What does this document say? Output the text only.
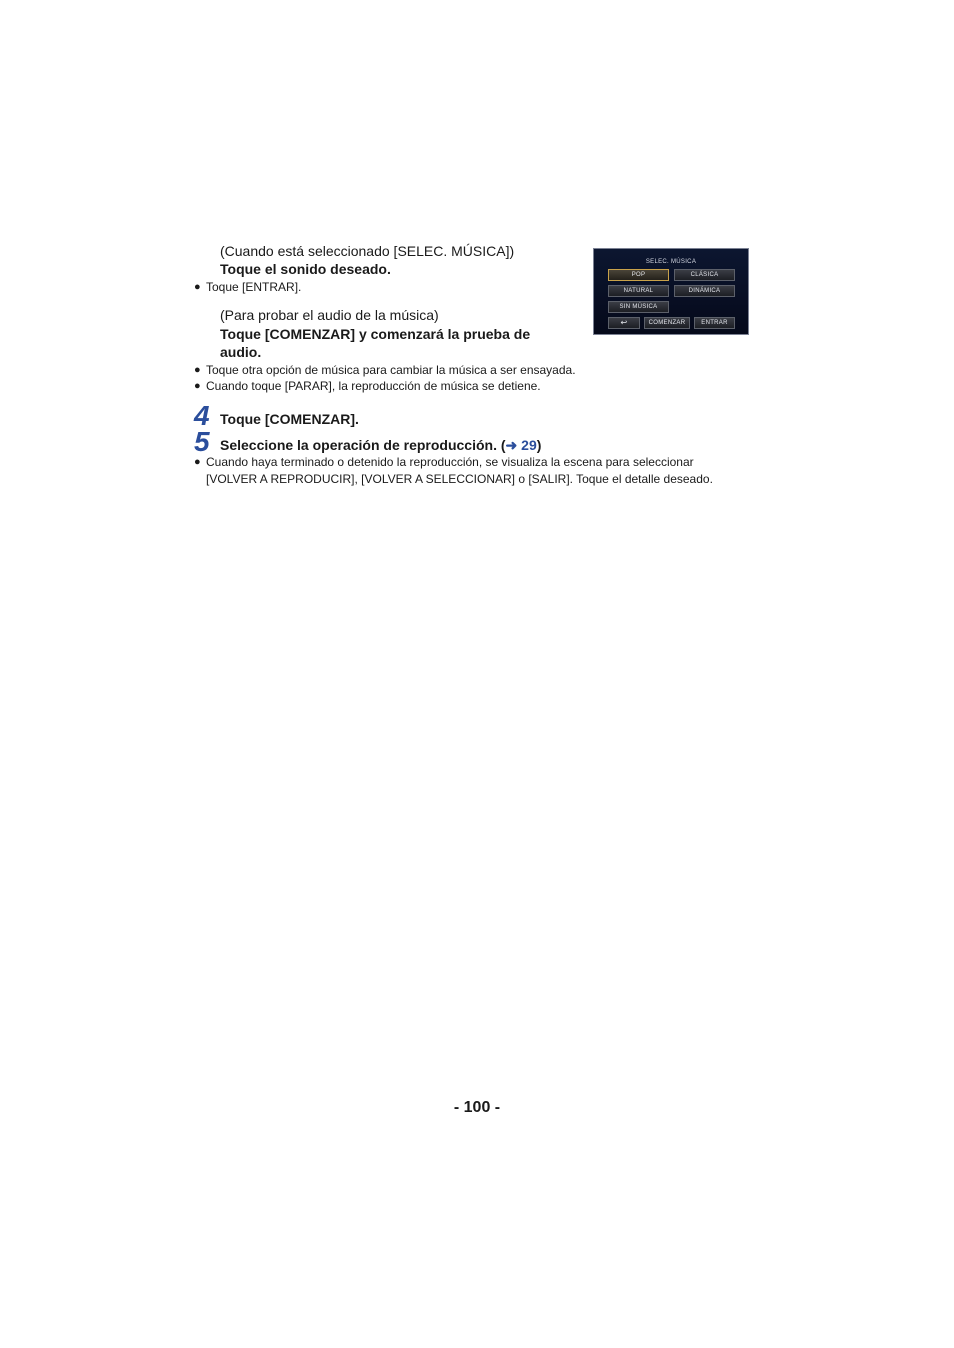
(Cuando está seleccionado [SELEC. MÚSICA])
Toque el sonido deseado.
● Toque [ENTRAR].
SELEC. MÚSICA
POP	CLÁSICA
NATURAL	DINÁMICA
SIN MÚSICA
↩	COMENZAR	ENTRAR
(Para probar el audio de la música)
Toque [COMENZAR] y comenzará la prueba de
audio.
● Toque otra opción de música para cambiar la música a ser ensayada.
● Cuando toque [PARAR], la reproducción de música se detiene.
4 Toque [COMENZAR].
5 Seleccione la operación de reproducción. (➜ 29)
● Cuando haya terminado o detenido la reproducción, se visualiza la escena para seleccionar
[VOLVER A REPRODUCIR], [VOLVER A SELECCIONAR] o [SALIR]. Toque el detalle deseado.
- 100 -
